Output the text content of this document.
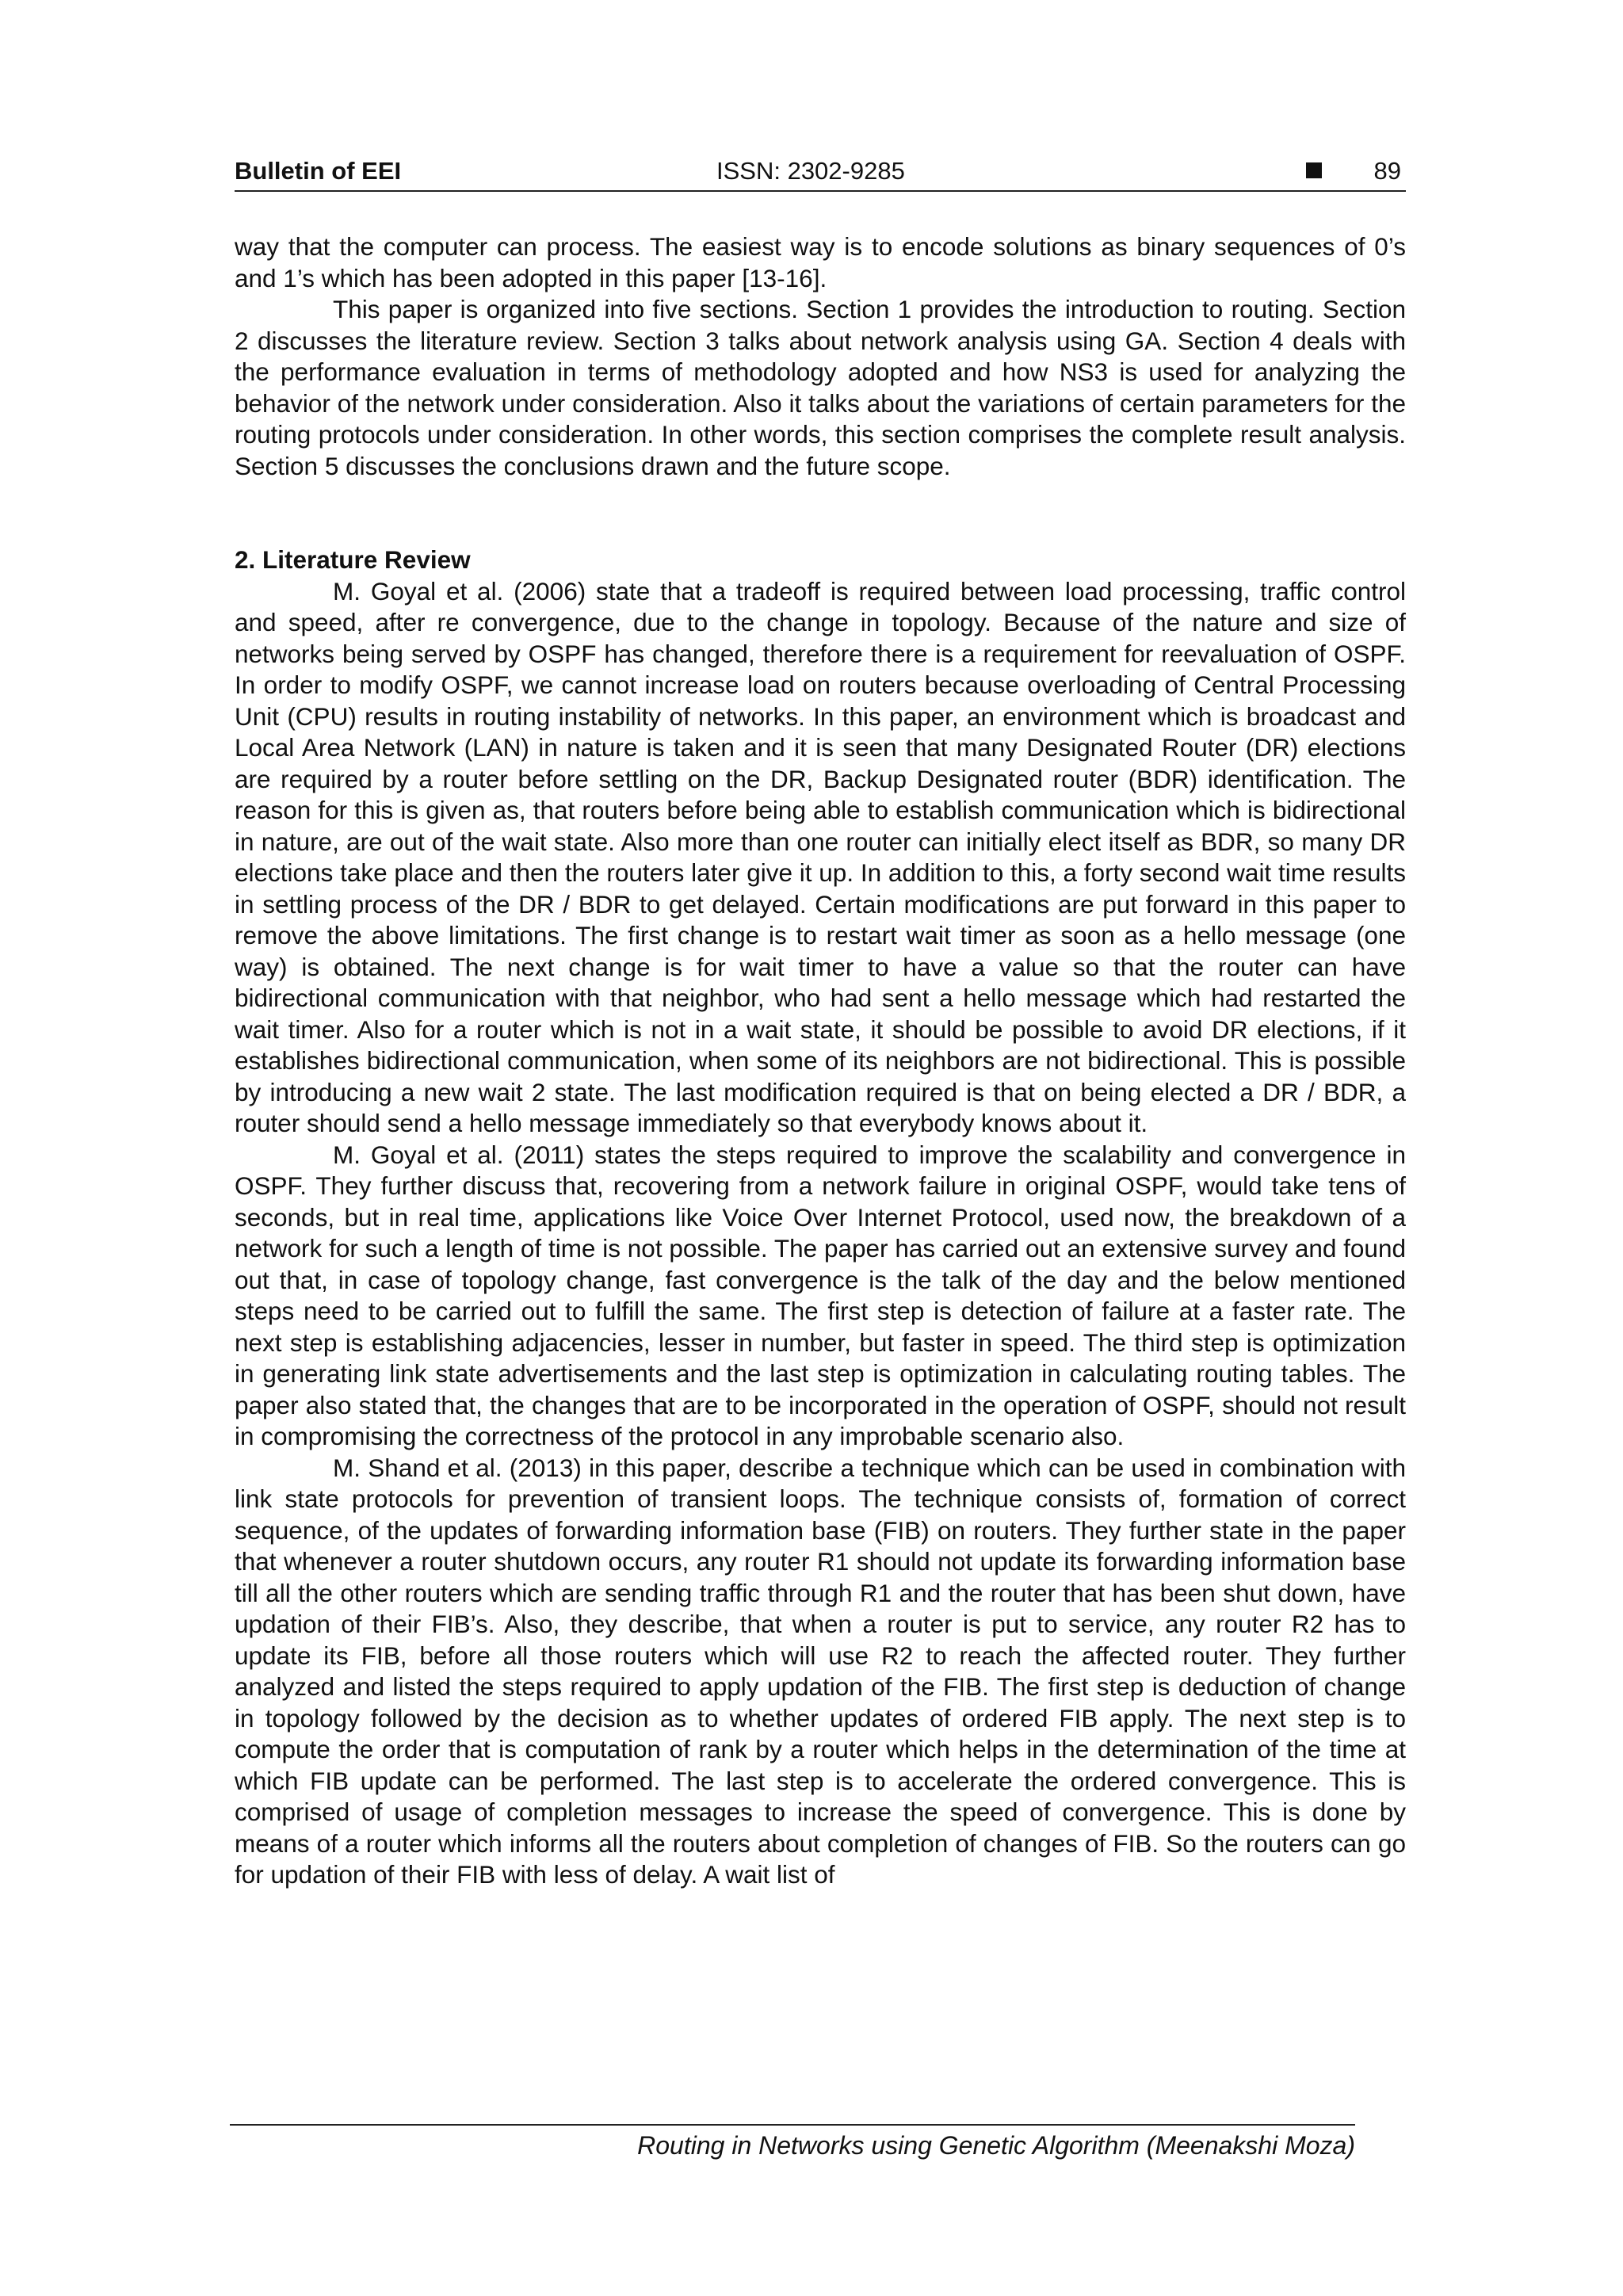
Bulletin of EEI	ISSN: 2302-9285	89

way that the computer can process. The easiest way is to encode solutions as binary sequences of 0’s and 1’s which has been adopted in this paper [13-16].

This paper is organized into five sections. Section 1 provides the introduction to routing. Section 2 discusses the literature review. Section 3 talks about network analysis using GA. Section 4 deals with the performance evaluation in terms of methodology adopted and how NS3 is used for analyzing the behavior of the network under consideration. Also it talks about the variations of certain parameters for the routing protocols under consideration. In other words, this section comprises the complete result analysis. Section 5 discusses the conclusions drawn and the future scope.

2. Literature Review

M. Goyal et al. (2006) state that a tradeoff is required between load processing, traffic control and speed, after re convergence, due to the change in topology. Because of the nature and size of networks being served by OSPF has changed, therefore there is a requirement for reevaluation of OSPF. In order to modify OSPF, we cannot increase load on routers because overloading of Central Processing Unit (CPU) results in routing instability of networks. In this paper, an environment which is broadcast and Local Area Network (LAN) in nature is taken and it is seen that many Designated Router (DR) elections are required by a router before settling on the DR, Backup Designated router (BDR) identification. The reason for this is given as, that routers before being able to establish communication which is bidirectional in nature, are out of the wait state. Also more than one router can initially elect itself as BDR, so many DR elections take place and then the routers later give it up. In addition to this, a forty second wait time results in settling process of the DR / BDR to get delayed. Certain modifications are put forward in this paper to remove the above limitations. The first change is to restart wait timer as soon as a hello message (one way) is obtained. The next change is for wait timer to have a value so that the router can have bidirectional communication with that neighbor, who had sent a hello message which had restarted the wait timer. Also for a router which is not in a wait state, it should be possible to avoid DR elections, if it establishes bidirectional communication, when some of its neighbors are not bidirectional. This is possible by introducing a new wait 2 state. The last modification required is that on being elected a DR / BDR, a router should send a hello message immediately so that everybody knows about it.

M. Goyal et al. (2011) states the steps required to improve the scalability and convergence in OSPF. They further discuss that, recovering from a network failure in original OSPF, would take tens of seconds, but in real time, applications like Voice Over Internet Protocol, used now, the breakdown of a network for such a length of time is not possible. The paper has carried out an extensive survey and found out that, in case of topology change, fast convergence is the talk of the day and the below mentioned steps need to be carried out to fulfill the same. The first step is detection of failure at a faster rate. The next step is establishing adjacencies, lesser in number, but faster in speed. The third step is optimization in generating link state advertisements and the last step is optimization in calculating routing tables. The paper also stated that, the changes that are to be incorporated in the operation of OSPF, should not result in compromising the correctness of the protocol in any improbable scenario also.

M. Shand et al. (2013) in this paper, describe a technique which can be used in combination with link state protocols for prevention of transient loops. The technique consists of, formation of correct sequence, of the updates of forwarding information base (FIB) on routers. They further state in the paper that whenever a router shutdown occurs, any router R1 should not update its forwarding information base till all the other routers which are sending traffic through R1 and the router that has been shut down, have updation of their FIB’s. Also, they describe, that when a router is put to service, any router R2 has to update its FIB, before all those routers which will use R2 to reach the affected router. They further analyzed and listed the steps required to apply updation of the FIB. The first step is deduction of change in topology followed by the decision as to whether updates of ordered FIB apply. The next step is to compute the order that is computation of rank by a router which helps in the determination of the time at which FIB update can be performed. The last step is to accelerate the ordered convergence. This is comprised of usage of completion messages to increase the speed of convergence. This is done by means of a router which informs all the routers about completion of changes of FIB. So the routers can go for updation of their FIB with less of delay. A wait list of

Routing in Networks using Genetic Algorithm (Meenakshi Moza)
